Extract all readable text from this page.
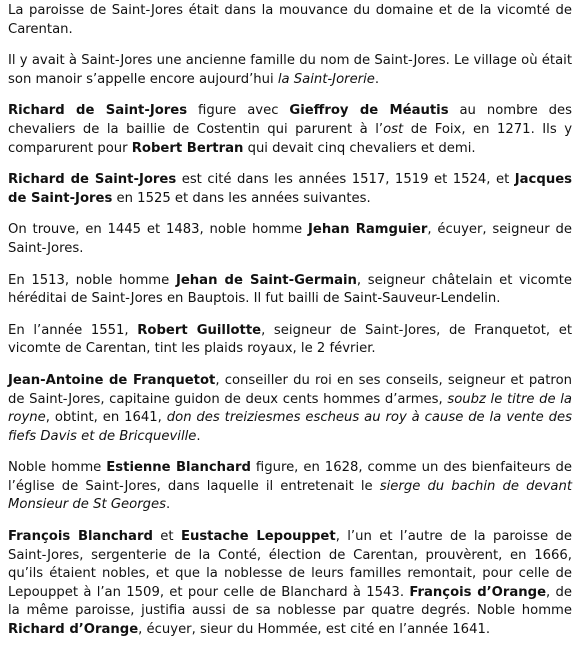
La paroisse de Saint-Jores était dans la mouvance du domaine et de la vicomté de Carentan.

Il y avait à Saint-Jores une ancienne famille du nom de Saint-Jores. Le village où était son manoir s’appelle encore aujourd’hui la Saint-Jorerie.

Richard de Saint-Jores figure avec Gieffroy de Méautis au nombre des chevaliers de la baillie de Costentin qui parurent à l’ost de Foix, en 1271. Ils y comparurent pour Robert Bertran qui devait cinq chevaliers et demi.

Richard de Saint-Jores est cité dans les années 1517, 1519 et 1524, et Jacques de Saint-Jores en 1525 et dans les années suivantes.

On trouve, en 1445 et 1483, noble homme Jehan Ramguier, écuyer, seigneur de Saint-Jores.

En 1513, noble homme Jehan de Saint-Germain, seigneur châtelain et vicomte héréditai de Saint-Jores en Bauptois. Il fut bailli de Saint-Sauveur-Lendelin.

En l’année 1551, Robert Guillotte, seigneur de Saint-Jores, de Franquetot, et vicomte de Carentan, tint les plaids royaux, le 2 février.

Jean-Antoine de Franquetot, conseiller du roi en ses conseils, seigneur et patron de Saint-Jores, capitaine guidon de deux cents hommes d’armes, soubz le titre de la royne, obtint, en 1641, don des treiziesmes escheus au roy à cause de la vente des fiefs Davis et de Bricqueville.

Noble homme Estienne Blanchard figure, en 1628, comme un des bienfaiteurs de l’église de Saint-Jores, dans laquelle il entretenait le sierge du bachin de devant Monsieur de St Georges.

François Blanchard et Eustache Lepouppet, l’un et l’autre de la paroisse de Saint-Jores, sergenterie de la Conté, élection de Carentan, prouvèrent, en 1666, qu’ils étaient nobles, et que la noblesse de leurs familles remontait, pour celle de Lepouppet à l’an 1509, et pour celle de Blanchard à 1543. François d’Orange, de la même paroisse, justifia aussi de sa noblesse par quatre degrés. Noble homme Richard d’Orange, écuyer, sieur du Hommée, est cité en l’année 1641.
